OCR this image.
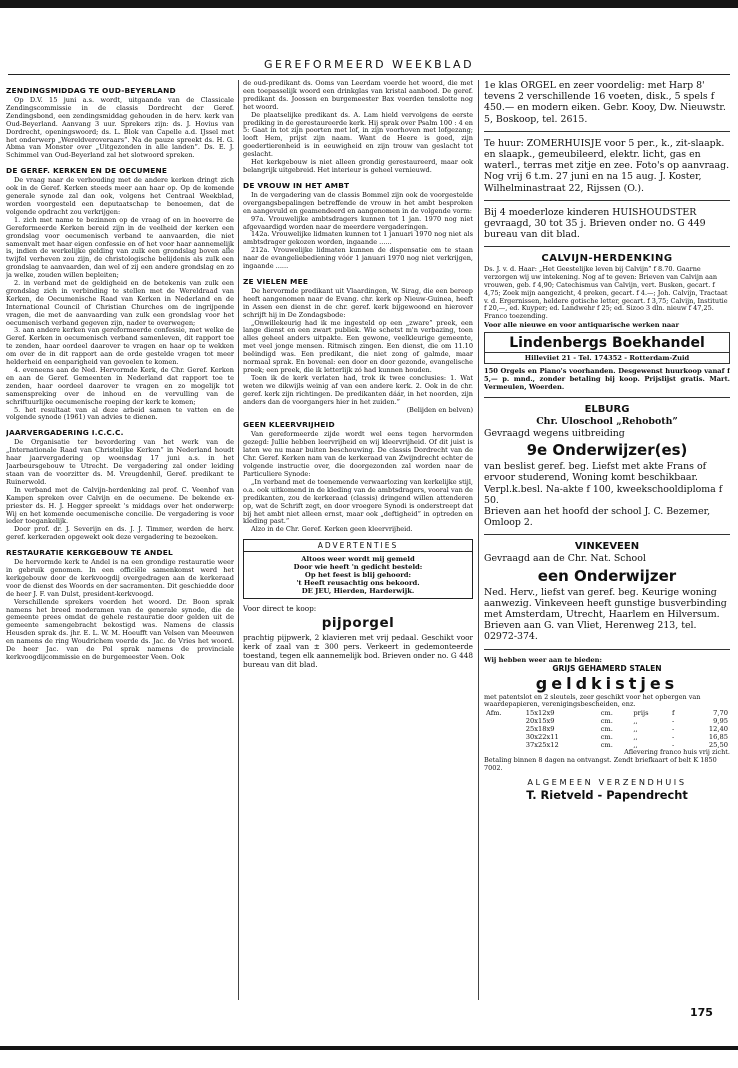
GEREFORMEERD WEEKBLAD
ZENDINGSMIDDAG TE OUD-BEYERLAND

Op D.V. 15 juni a.s. wordt, uitgaande van de Classicale Zendingscommissie in de classis Dordrecht der Geref. Zendingsbond, een zendingsmiddag gehouden in de herv. kerk van Oud-Beyerland. Aanvang 3 uur. Sprekers zijn: ds. J. Hovius van Dordrecht, openingswoord; ds. L. Blok van Capelle a.d. IJssel met het onderwerp „Wereldveroveraars”. Na de pauze spreekt ds. H. G. Abma van Monster over „Uitgezonden in alle landen”. Ds. E. J. Schimmel van Oud-Beyerland zal het slotwoord spreken.

DE GEREF. KERKEN EN DE OECUMENE

De vraag naar de verhouding met de andere kerken dringt zich ook in de Geref. Kerken steeds meer aan haar op. Op de komende generale synode zal dan ook, volgens het Centraal Weekblad, worden voorgesteld een deputaatschap te benoemen, dat de volgende opdracht zou verkrijgen:

1. zich met name te bezinnen op de vraag of en in hoeverre de Gereformeerde Kerken bereid zijn in de veelheid der kerken een grondslag voor oecumenisch verband te aanvaarden, die niet samenvalt met haar eigen confessie en of het voor haar aannemelijk is, indien de werkelijke gelding van zulk een grondslag boven alle twijfel verheven zou zijn, de christologische belijdenis als zulk een grondslag te aanvaarden, dan wel of zij een andere grondslag en zo ja welke, zouden willen bepleiten;

2. in verband met de geldigheid en de betekenis van zulk een grondslag zich in verbinding te stellen met de Wereldraad van Kerken, de Oecumenische Raad van Kerken in Nederland en de International Council of Christian Churches om de ingrijpende vragen, die met de aanvaarding van zulk een grondslag voor het oecumenisch verband gegeven zijn, nader te overwegen;

3. aan andere kerken van gereformeerde confessie, met welke de Geref. Kerken in oecumenisch verband samenleven, dit rapport toe te zenden, haar oordeel daarover te vragen en haar op te wekken om over de in dit rapport aan de orde gestelde vragen tot meer helderheid en eenparigheid van gevoelen te komen.

4. eveneens aan de Ned. Hervormde Kerk, de Chr. Geref. Kerken en aan de Geref. Gemeenten in Nederland dat rapport toe te zenden, haar oordeel daarover te vragen en zo mogelijk tot samenspreking over de inhoud en de vervulling van de schriftuurlijke oecumenische roeping der kerk te komen;

5. het resultaat van al deze arbeid samen te vatten en de volgende synode (1961) van advies te dienen.

JAARVERGADERING I.C.C.C.

De Organisatie ter bevordering van het werk van de „Internationale Raad van Christelijke Kerken” in Nederland houdt haar jaarvergadering op woensdag 17 juni a.s. in het Jaarbeursgebouw te Utrecht. De vergadering zal onder leiding staan van de voorzitter ds. M. Vreugdenhil, Geref. predikant te Ruinerwold.

In verband met de Calvijn-herdenking zal prof. C. Veenhof van Kampen spreken over Calvijn en de oecumene. De bekende ex-priester ds. H. J. Hegger spreekt 's middags over het onderwerp: Wij en het komende oecumenische concilie. De vergadering is voor ieder toegankelijk.

Door prof. dr. J. Severijn en ds. J. J. Timmer, werden de herv. geref. kerkeraden opgewekt ook deze vergadering te bezoeken.

RESTAURATIE KERKGEBOUW TE ANDEL

De hervormde kerk te Andel is na een grondige restauratie weer in gebruik genomen. In een officiële samenkomst werd het kerkgebouw door de kerkvoogdij overgedragen aan de kerkeraad voor de dienst des Woords en der sacramenten. Dit geschiedde door de heer J. F. van Dulst, president-kerkvoogd.

Verschillende sprekers voerden het woord. Dr. Boon sprak namens het breed moderamen van de generale synode, die de gemeente prees omdat de gehele restauratie door gelden uit de gemeente samengebracht bekostigd was. Namens de classis Heusden sprak ds. jhr. E. L. W. M. Hoeufft van Velsen van Meeuwen en namens de ring Woudrichem voerde ds. Jac. de Vries het woord. De heer Jac. van de Pol sprak namens de provinciale kerkvoogdijcommissie en de burgemeester Veen. Ook

de oud-predikant ds. Ooms van Leerdam voerde het woord, die met een toepasselijk woord een drinkglas van kristal aanbood. De geref. predikant ds. Joossen en burgemeester Bax voerden tenslotte nog het woord.

De plaatselijke predikant ds. A. Lam hield vervolgens de eerste prediking in de gerestaureerde kerk. Hij sprak over Psalm 100 : 4 en 5: Gaat in tot zijn poorten met lof, in zijn voorhoven met lofgezang; looft Hem, prijst zijn naam. Want de Heere is goed, zijn goedertierenheid is in eeuwigheid en zijn trouw van geslacht tot geslacht.

Het kerkgebouw is niet alleen grondig gerestaureerd, maar ook belangrijk uitgebreid. Het interieur is geheel vernieuwd.

DE VROUW IN HET AMBT

In de vergadering van de classis Bommel zijn ook de voorgestelde overgangsbepalingen betreffende de vrouw in het ambt besproken en aangevuld en geamendeerd en aangenomen in de volgende vorm:

97a. Vrouwelijke ambtsdragers kunnen tot 1 jan. 1970 nog niet afgevaardigd worden naar de meerdere vergaderingen.

142a. Vrouwelijke lidmaten kunnen tot 1 januari 1970 nog niet als ambtsdrager gekozen worden, ingaande ......

212a. Vrouwelijke lidmaten kunnen de dispensatie om te staan naar de evangeliebediening vóór 1 januari 1970 nog niet verkrijgen, ingaande ......

ZE VIELEN MEE

De hervormde predikant uit Vlaardingen, W. Sirag, die een bereep heeft aangenomen naar de Evang. chr. kerk op Nieuw-Guinea, heeft in Assen een dienst in de chr. geref. kerk bijgewoond en hierover schrijft hij in De Zondagsbode:

„Onwillekeurig had ik me ingesteld op een „zware” preek, een lange dienst en een zwart publiek. Wie schetst m'n verbazing, toen alles geheel anders uitpakte. Een gewone, veelkleurige gemeente, met veel jonge mensen. Ritmisch zingen. Een dienst, die om 11.10 beëindigd was. Een predikant, die niet zong of galmde, maar normaal sprak. En bovenal: een door en door gezonde, evangelische preek; een preek, die ik letterlijk zó had kunnen houden.

Toen ik de kerk verlaten had, trok ik twee conclusies: 1. Wat weten we dikwijls weinig af van een andere kerk. 2. Ook in de chr. geref. kerk zijn richtingen. De predikanten dáár, in het noorden, zijn anders dan de voorgangers hier in het zuiden.”

(Belijden en belven)

GEEN KLEERVRIJHEID

Van gereformeerde zijde wordt wel eens tegen hervormden gezegd: Jullie hebben leervrijheid en wij kleervrijheid. Of dit juist is laten we nu maar buiten beschouwing. De classis Dordrecht van de Chr. Geref. Kerken nam van de kerkeraad van Zwijndrecht echter de volgende instructie over, die doorgezonden zal worden naar de Particuliere Synode:

„In verband met de toenemende verwaarlozing van kerkelijke stijl, o.a. ook uitkomend in de kleding van de ambtsdragers, vooral van de predikanten, zou de kerkeraad (classis) dringend willen attenderen op, wat de Schrift zegt, en door vroegere Synodi is onderstreept dat bij het ambt niet alleen ernst, maar ook „deftigheid” in optreden en kleding past.”

Alzo in de Chr. Geref. Kerken geen kleervrijheid.

ADVERTENTIES
Altoos weer wordt mij gemeld
Door wie heeft 'n gedicht besteld:
Op het feest is blij gehoord:
't Heeft reusachtig ons bekoord.
DE JEU, Hierden, Harderwijk.

Voor direct te koop:

pijporgel

prachtig pijpwerk, 2 klavieren met vrij pedaal. Geschikt voor kerk of zaal van ± 300 pers. Verkeert in gedemonteerde toestand, tegen elk aannemelijk bod. Brieven onder no. G 448 bureau van dit blad.

1e klas ORGEL en zeer voordelig: met Harp 8' tevens 2 verschillende 16 voeten, disk., 5 spels f 450.— en modern eiken. Gebr. Kooy, Dw. Nieuwstr. 5, Boskoop, tel. 2615.

Te huur: ZOMERHUISJE voor 5 per., k., zit-slaapk. en slaapk., gemeubileerd, elektr. licht, gas en waterl., terras met zitje en zee. Foto's op aanvraag. Nog vrij 6 t.m. 27 juni en na 15 aug. J. Koster, Wilhelminastraat 22, Rijssen (O.).

Bij 4 moederloze kinderen HUISHOUDSTER gevraagd, 30 tot 35 j. Brieven onder no. G 449 bureau van dit blad.

CALVIJN-HERDENKING

Ds. J. v. d. Haar: „Het Geestelijke leven bij Calvijn” f 8.70. Gaarne verzorgen wij uw intekening. Nog af te geven: Brieven van Calvijn aan vrouwen, geb. f 4,90; Catechismus van Calvijn, vert. Busken, gecart. f 4,75; Zoek mijn aangezicht, 4 preken, gecart. f 4.—; Joh. Calvijn, Tractaat v. d. Ergernissen, heldere gotische letter, gecart. f 3,75; Calvijn, Institutie f 20,—, ed. Kuyper; ed. Landwehr f 25; ed. Sizoo 3 dln. nieuw f 47,25. Franco toezending.

Voor alle nieuwe en voor antiquarische werken naar

Lindenbergs Boekhandel
Hilleviiet 21 - Tel. 174352 - Rotterdam-Zuid

150 Orgels en Piano's voorhanden. Desgewenst huurkoop vanaf f 5,— p. mnd., zonder betaling bij koop. Prijslijst gratis. Mart. Vermeulen, Woerden.

ELBURG
Chr. Uloschool „Rehoboth”

Gevraagd wegens uitbreiding

9e Onderwijzer(es)

van beslist geref. beg. Liefst met akte Frans of ervoor studerend, Woning komt beschikbaar. Verpl.k.besl. Na-akte f 100, kweekschooldiploma f 50.

Brieven aan het hoofd der school J. C. Bezemer, Omloop 2.

VINKEVEEN

Gevraagd aan de Chr. Nat. School

een Onderwijzer

Ned. Herv., liefst van geref. beg. Keurige woning aanwezig. Vinkeveen heeft gunstige busverbinding met Amsterdam, Utrecht, Haarlem en Hilversum.

Brieven aan G. van Vliet, Herenweg 213, tel. 02972-374.

Wij hebben weer aan te bieden:

GRIJS GEHAMERD STALEN
geldkistjes

met patentslot en 2 sleutels, zeer geschikt voor het opbergen van waardepapieren, verenigingsbescheiden, enz.

Afm.	15x12x9	cm.	prijs	f	7,70
	20x15x9	cm.	,,	-	9,95
	25x18x9	cm.	,,	-	12,40
	30x22x11	cm.	,,	-	16,85
	37x25x12	cm.	,,	-	25,50

Aflevering franco huis vrij zicht.

Betaling binnen 8 dagen na ontvangst. Zendt briefkaart of belt K 1850 7002.

ALGEMEEN VERZENDHUIS
T. Rietveld - Papendrecht
175
